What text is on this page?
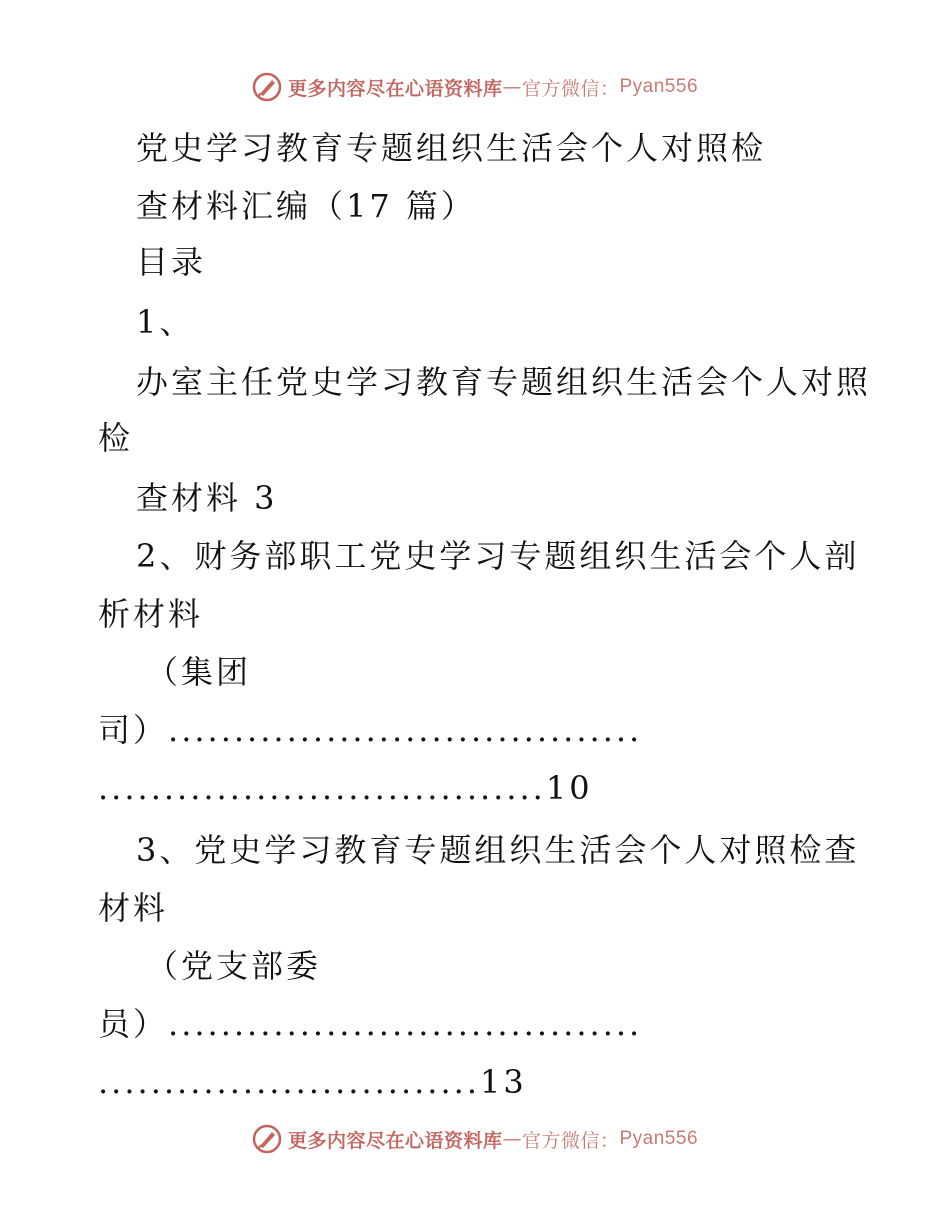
更多内容尽在心语资料库 — 官方微信： Pyan556
党史学习教育专题组织生活会个人对照检
查材料汇编（17 篇）
目录
1、
办室主任党史学习教育专题组织生活会个人对照
检
查材料 3
2、财务部职工党史学习专题组织生活会个人剖
析材料
（集团
司）....................................
..................................10
3、党史学习教育专题组织生活会个人对照检查
材料
（党支部委
员）....................................
.............................13
更多内容尽在心语资料库 — 官方微信： Pyan556
